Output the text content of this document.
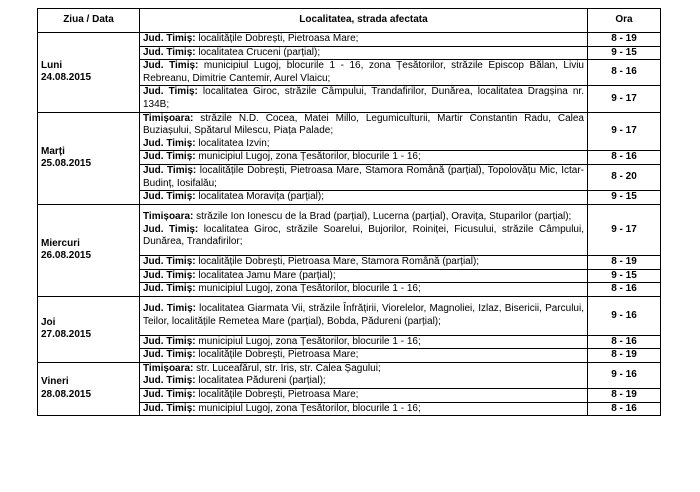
Ziua / Data	Localitatea, strada afectata	Ora

Luni
24.08.2015	Jud. Timiș: localitățile Dobrești, Pietroasa Mare;	8 - 19
	Jud. Timiș: localitatea Cruceni (parțial);	9 - 15
	Jud. Timiș: municipiul Lugoj, blocurile 1 - 16, zona Țesătorilor, străzile Episcop Bălan, Liviu Rebreanu, Dimitrie Cantemir, Aurel Vlaicu;	8 - 16
	Jud. Timiș: localitatea Giroc, străzile Câmpului, Trandafirilor, Dunărea, localitatea Dragșina nr. 134B;	9 - 17

Marți
25.08.2015	Timișoara: străzile N.D. Cocea, Matei Millo, Legumiculturii, Martir Constantin Radu, Calea Buziașului, Spătarul Milescu, Piața Palade;
Jud. Timiș: localitatea Izvin;	9 - 17
	Jud. Timiș: municipiul Lugoj, zona Țesătorilor, blocurile 1 - 16;	8 - 16
	Jud. Timiș: localitățile Dobrești, Pietroasa Mare, Stamora Română (parțial), Topolovățu Mic, Ictar-Budinț, Iosifalău;	8 - 20
	Jud. Timiș: localitatea Moravița (parțial);	9 - 15

Miercuri
26.08.2015	Timișoara: străzile Ion Ionescu de la Brad (parțial), Lucerna (parțial), Oravița, Stuparilor (parțial);
Jud. Timiș: localitatea Giroc, străzile Soarelui, Bujorilor, Roiniței, Ficusului, străzile Câmpului, Dunărea, Trandafirilor;	9 - 17
	Jud. Timiș: localitățile Dobrești, Pietroasa Mare, Stamora Română (parțial);	8 - 19
	Jud. Timiș: localitatea Jamu Mare (parțial);	9 - 15
	Jud. Timiș: municipiul Lugoj, zona Țesătorilor, blocurile 1 - 16;	8 - 16

Joi
27.08.2015	Jud. Timiș: localitatea Giarmata Vii, străzile Înfrățirii, Viorelelor, Magnoliei, Izlaz, Bisericii, Parcului, Teilor, localitățile Remetea Mare (parțial), Bobda, Pădureni (parțial);	9 - 16
	Jud. Timiș: municipiul Lugoj, zona Țesătorilor, blocurile 1 - 16;	8 - 16
	Jud. Timiș: localitățile Dobrești, Pietroasa Mare;	8 - 19

Vineri
28.08.2015	Timișoara: str. Luceafărul, str. Iris, str. Calea Șagului;
Jud. Timiș: localitatea Pădureni (parțial);	9 - 16
	Jud. Timiș: localitățile Dobrești, Pietroasa Mare;	8 - 19
	Jud. Timiș: municipiul Lugoj, zona Țesătorilor, blocurile 1 - 16;	8 - 16
